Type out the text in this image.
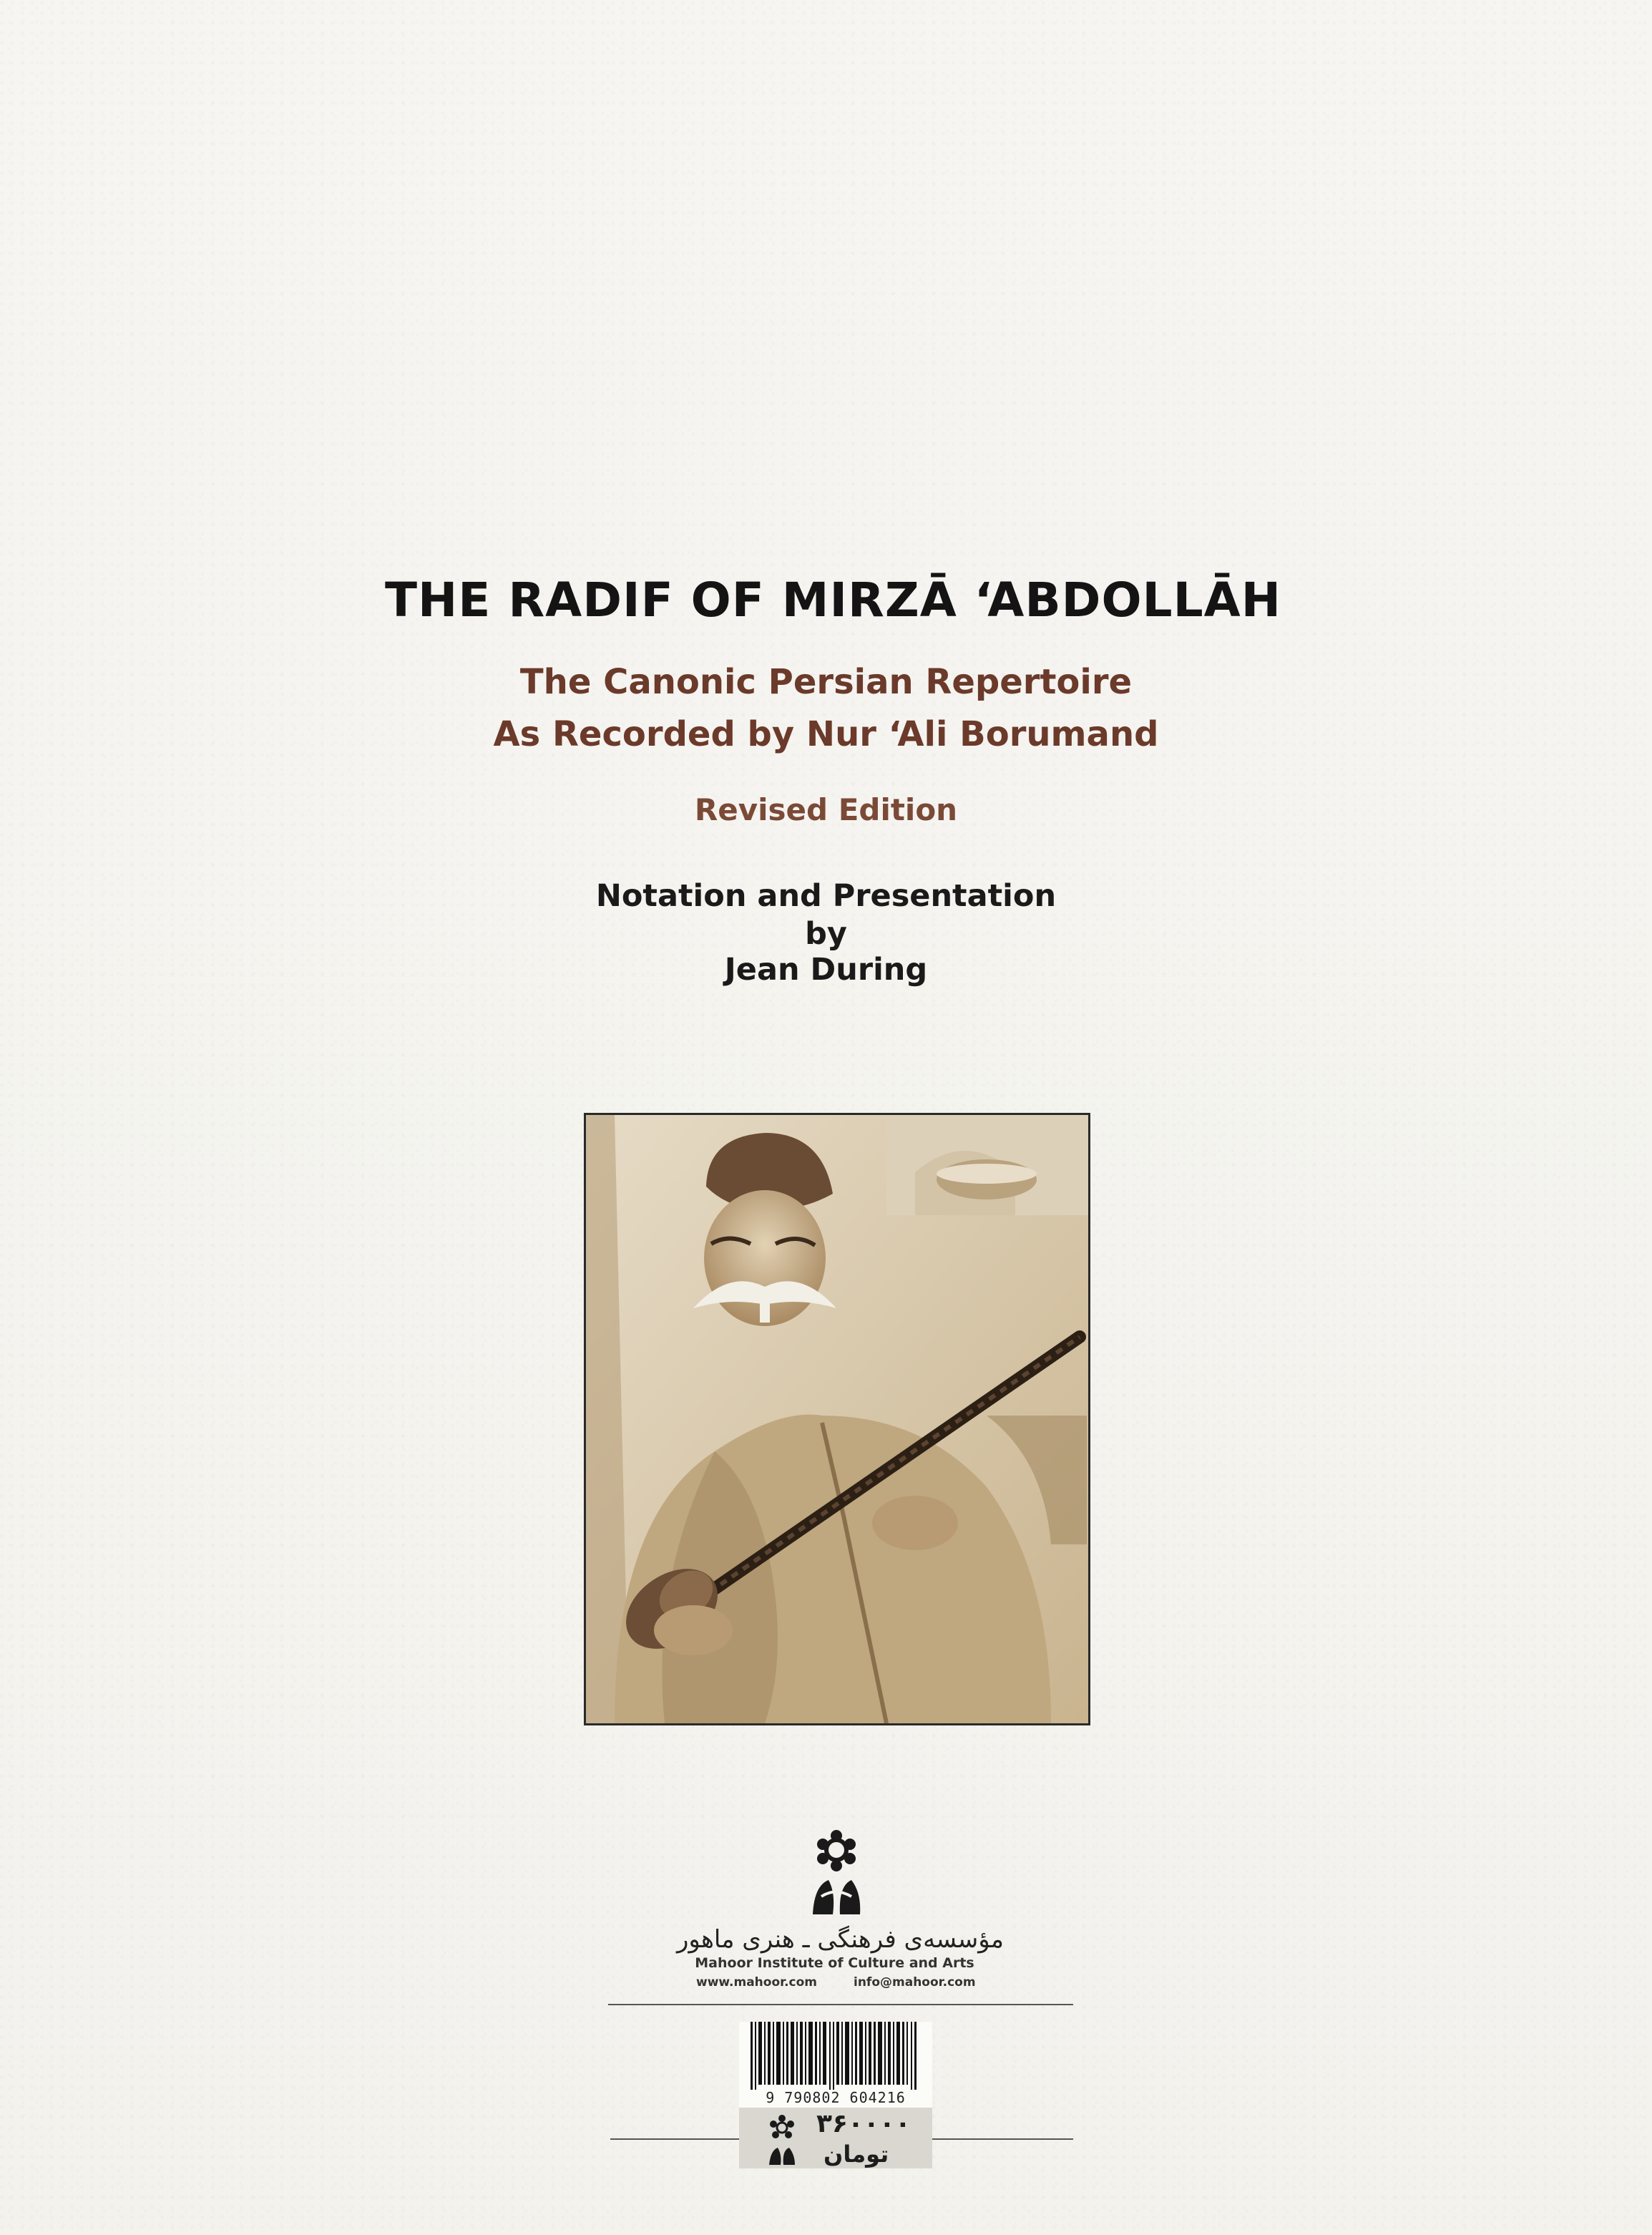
THE RADIF OF MIRZĀ ‘ABDOLLĀH
The Canonic Persian Repertoire
As Recorded by Nur ‘Ali Borumand
Revised Edition
Notation and Presentation
by
Jean During
مؤسسه‌ی فرهنگی ـ هنری ماهور
Mahoor Institute of Culture and Arts
www.mahoor.com	info@mahoor.com
9 790802 604216
۳۶۰۰۰۰
تومان
